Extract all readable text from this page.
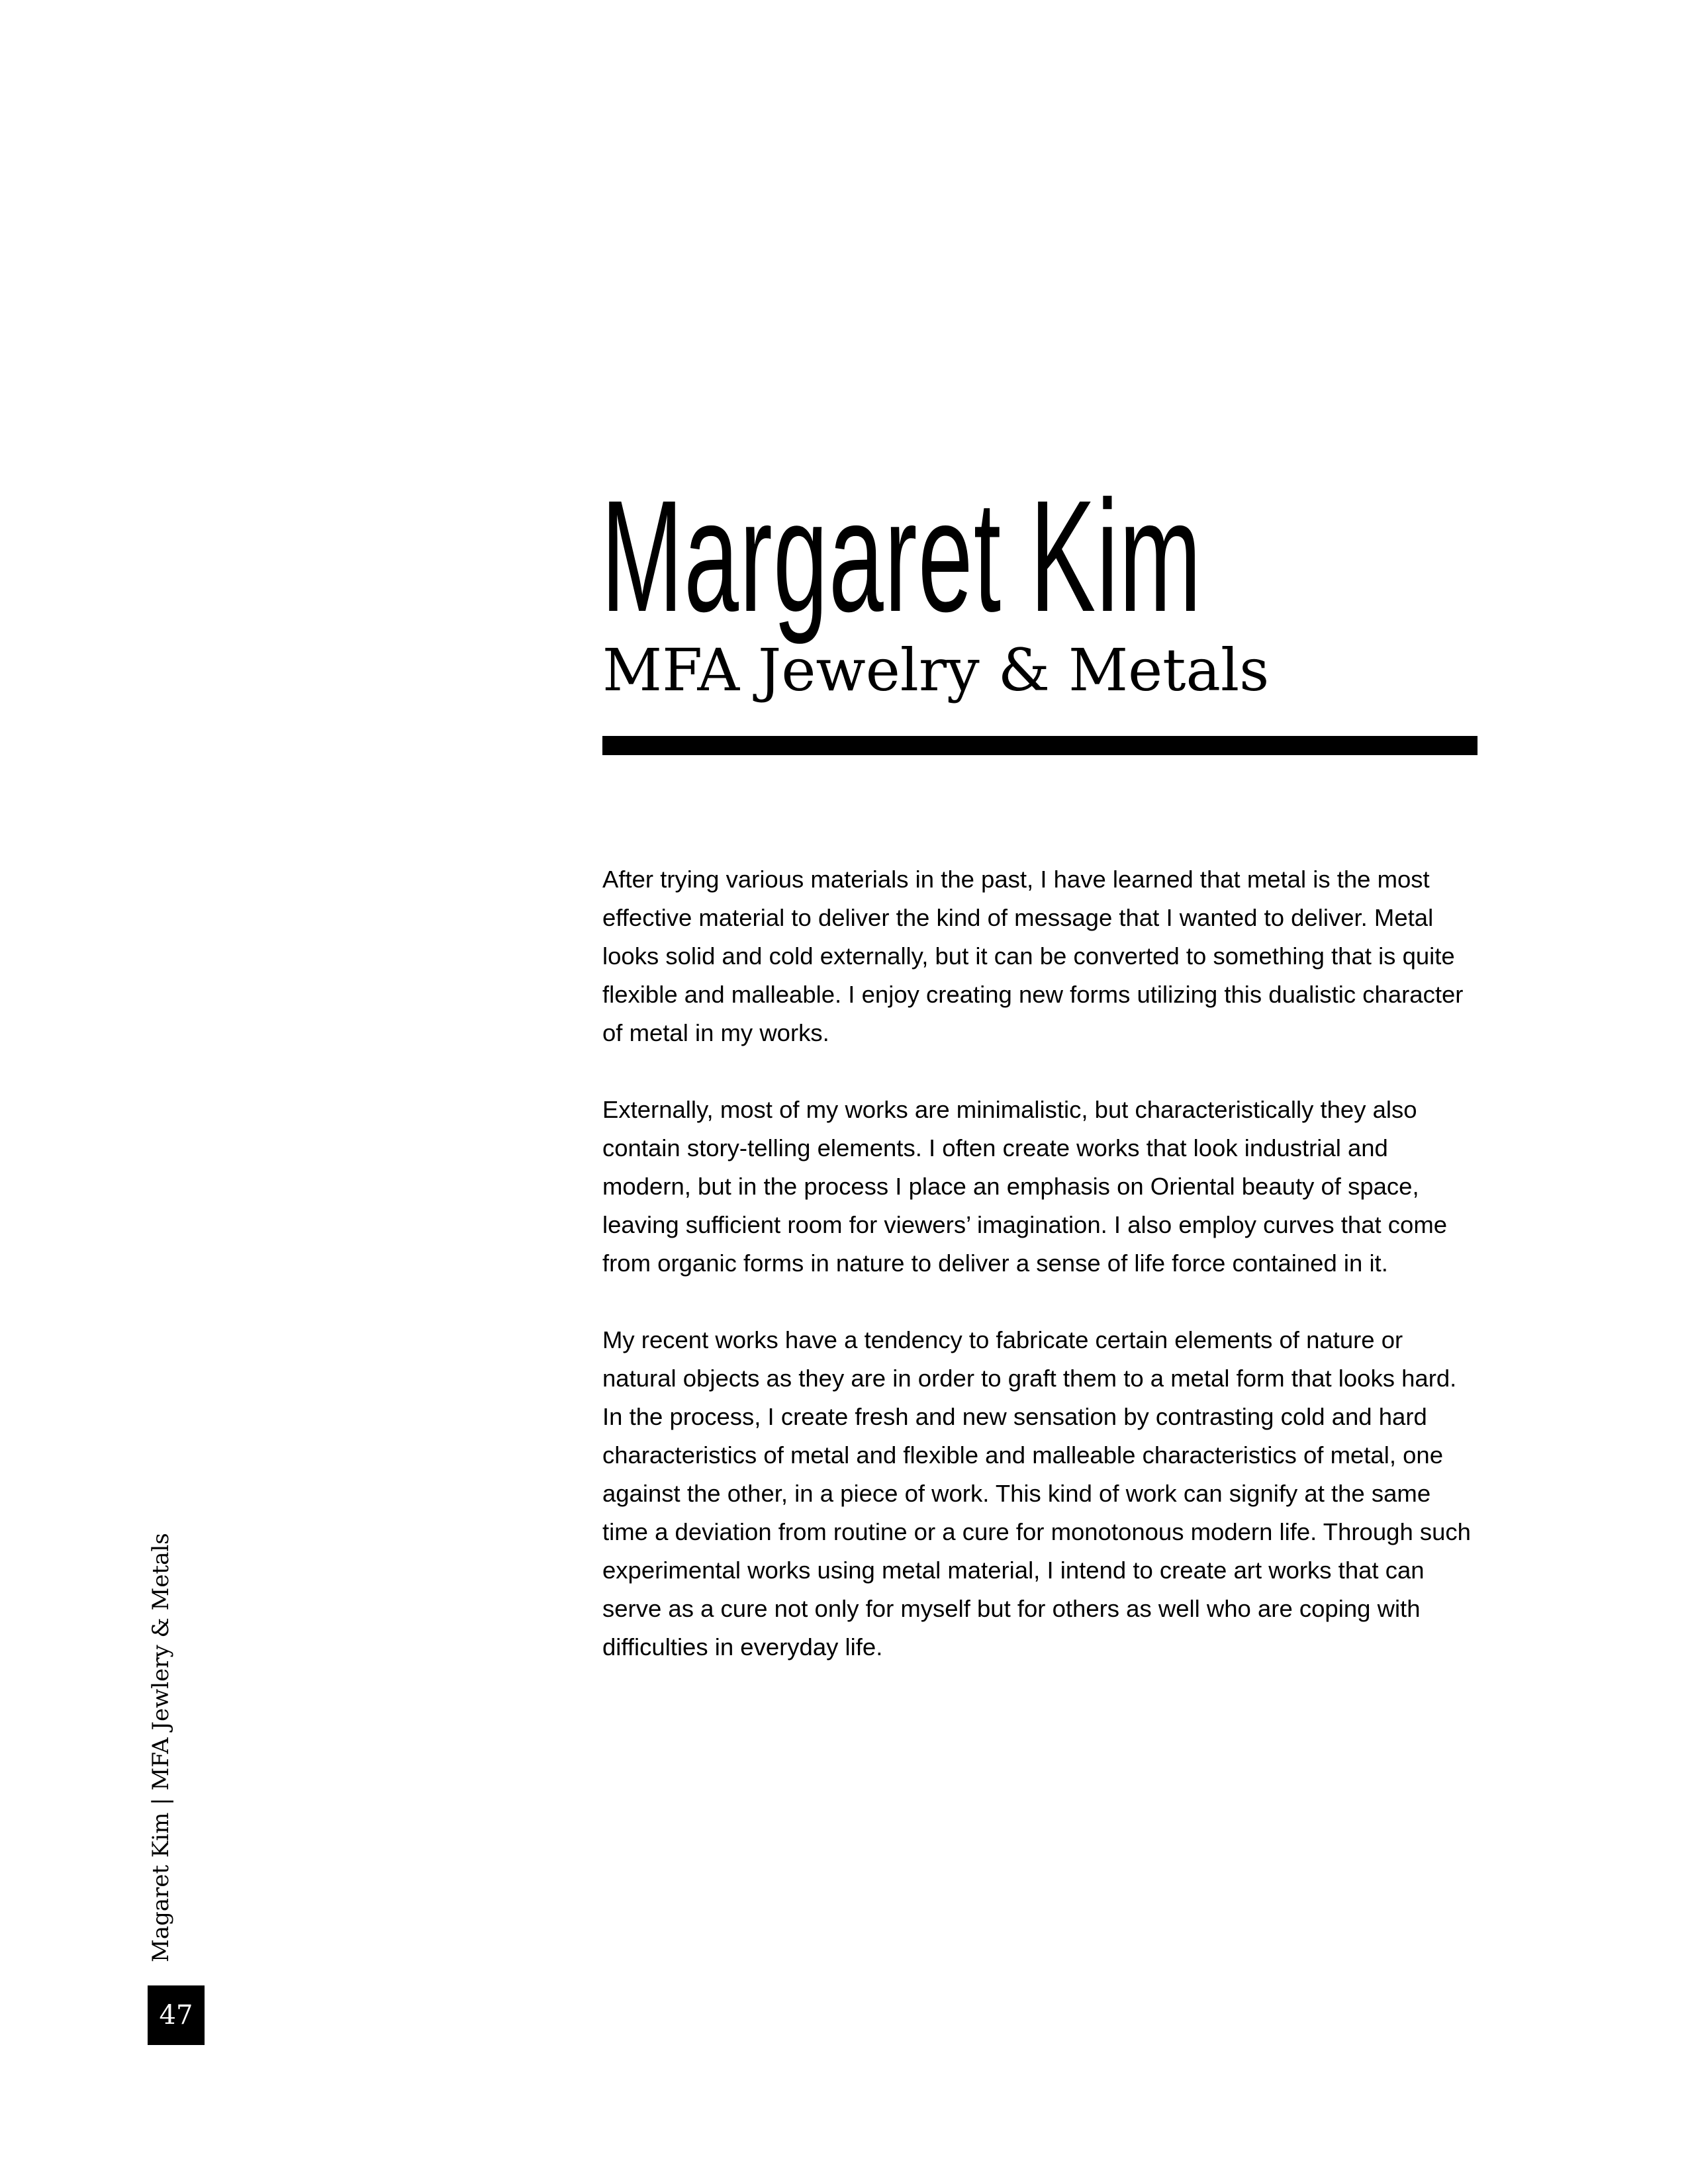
Margaret Kim
MFA Jewelry & Metals

After trying various materials in the past, I have learned that metal is the most effective material to deliver the kind of message that I wanted to deliver. Metal looks solid and cold externally, but it can be converted to something that is quite flexible and malleable. I enjoy creating new forms utilizing this dualistic character of metal in my works.

Externally, most of my works are minimalistic, but characteristically they also contain story-telling elements. I often create works that look industrial and modern, but in the process I place an emphasis on Oriental beauty of space, leaving sufficient room for viewers’ imagination. I also employ curves that come from organic forms in nature to deliver a sense of life force contained in it.

My recent works have a tendency to fabricate certain elements of nature or natural objects as they are in order to graft them to a metal form that looks hard. In the process, I create fresh and new sensation by contrasting cold and hard characteristics of metal and flexible and malleable characteristics of metal, one against the other, in a piece of work. This kind of work can signify at the same time a deviation from routine or a cure for monotonous modern life. Through such experimental works using metal material, I intend to create art works that can serve as a cure not only for myself but for others as well who are coping with difficulties in everyday life.

Magaret Kim | MFA Jewlery & Metals
47
